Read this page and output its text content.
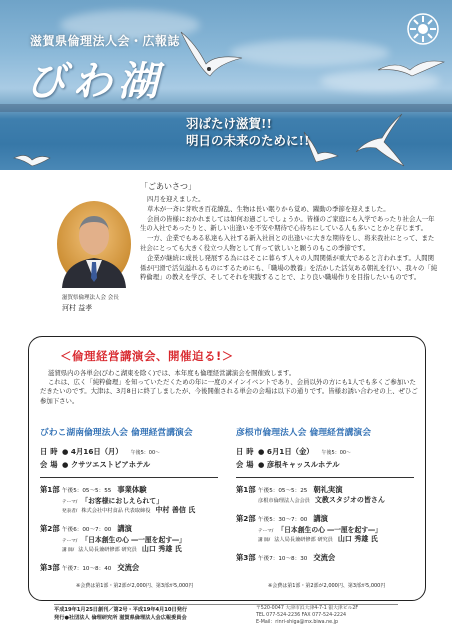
滋賀県倫理法人会・広報誌
びわ湖
羽ばたけ滋賀!!
明日の未来のために!!
滋賀県倫理法人会 会長
河村 益孝
「ごあいさつ」

四月を迎えました。

草木が一斉に芽吹き百花繚乱、生物は長い眠りから覚め、躍動の季節を迎えました。

会員の皆様におかれましては如何お過ごしでしょうか。皆様のご家庭にも入学であったり社会人一年生の入社であったりと、新しい出逢いを不安や期待で心待ちにしている人も多いことかと存じます。

一方、企業でもある私達も入社する新入社員との出逢いに大きな期待をし、将来我社にとって、また社会にとっても大きく役立つ人物として育って欲しいと願うのもこの季節です。

企業が継続に成長し発展する為にはそこに暮らす人々の人間関係が重大であると言われます。人間関係が円滑で活気溢れるものにするためにも、「職場の教養」を活かした活気ある朝礼を行い、我々の「純粋倫理」の教えを学び、そしてそれを実践することで、より良い職場作りを目指したいものです。

＜倫理経営講演会、開催迫る!＞

滋賀県内の各単会(びわこ湖東を除く)では、本年度も倫理経営講演会を開催致します。

これは、広く「純粋倫理」を知っていただくための年に一度のメインイベントであり、会員以外の方にも1人でも多くご参加いただきたいのです。大津は、3月8日に終了しましたが、今後開催される単会の会場は以下の通りです。皆様お誘い合わせの上、ぜひご参加下さい。

びわこ湖南倫理法人会 倫理経営講演会
日時 ● 4月16日（月） 午後5：00～
会場 ● クサツエストピアホテル
第1部 午後5：05～5：55 事業体験
テーマ/ 「お客様におしえられて」
発表者/ 株式会社中村食品 代表取締役 中村 善信 氏
第2部 午後6：00～7：00 講演
テーマ/ 「日本創生の心 ―一厘を起す―」
講 師/ 法人局長兼研修部 研究員 山口 秀雄 氏
第3部 午後7：10～8：40 交流会
※会費は第1部・第2部が2,000円、第3部が5,000円
彦根市倫理法人会 倫理経営講演会
日時 ● 6月1日（金） 午後5：00～
会場 ● 彦根キャッスルホテル
第1部 午後5：05～5：25 朝礼実演
彦根市倫理法人会会員 文教スタジオの皆さん
第2部 午後5：30～7：00 講演
テーマ/ 「日本創生の心 ―一厘を起す―」
講 師/ 法人局長兼研修部 研究員 山口 秀雄 氏
第3部 午後7：10～8：30 交流会
※会費は第1部・第2部が2,000円、第3部が5,000円
平成19年1月25日創刊／第2号・平成19年4月10日発行
発行●社団法人 倫理研究所 滋賀県倫理法人会広報委員会
〒520-0047 大津市浜大津4-7-1 叡大津ビル2F
TEL 077-524-2236 FAX 077-524-2224
E-Mail：rinri-shiga@mx.biwa.ne.jp
